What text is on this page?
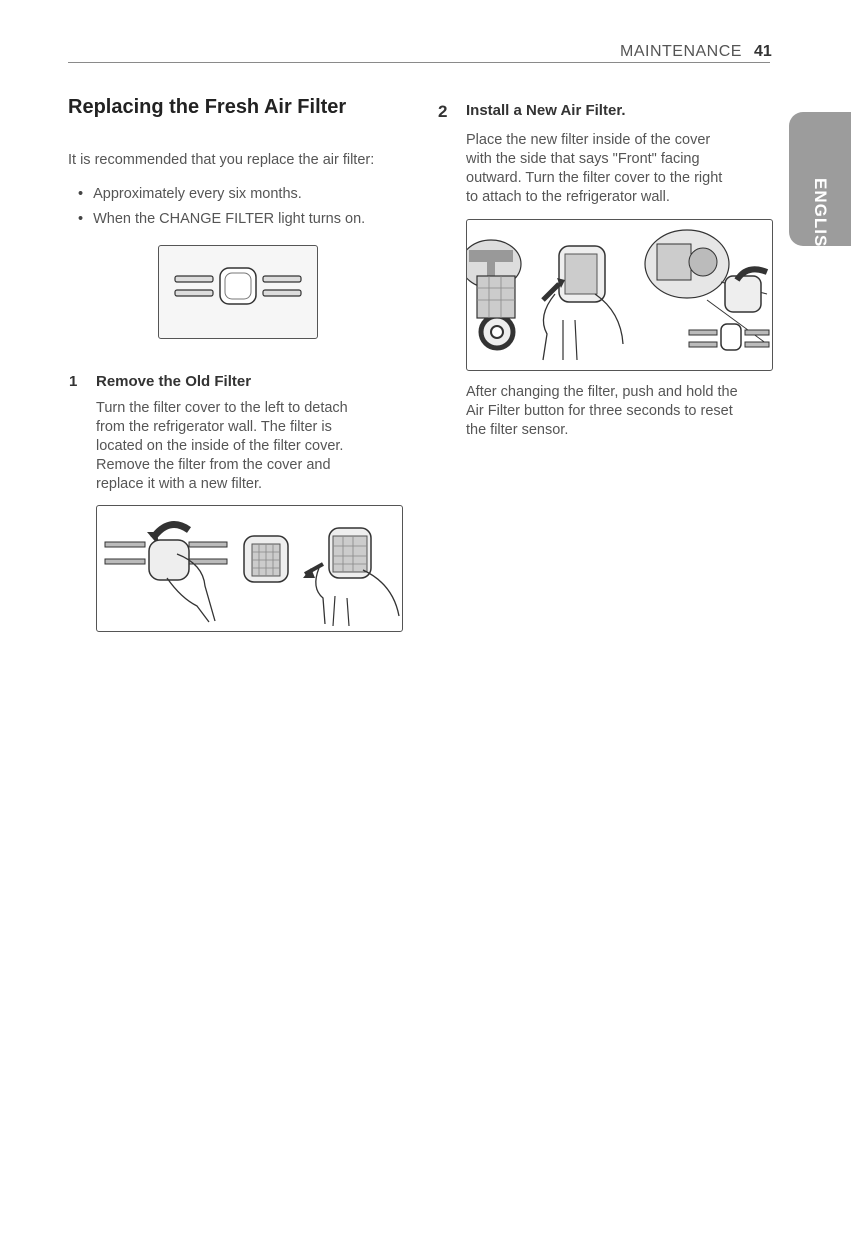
MAINTENANCE 41
ENGLISH
Replacing the Fresh Air Filter
It is recommended that you replace the air filter:
• Approximately every six months.
• When the CHANGE FILTER light turns on.
1 Remove the Old Filter

Turn the filter cover to the left to detach
from the refrigerator wall. The filter is
located on the inside of the filter cover.
Remove the filter from the cover and
replace it with a new filter.

2 Install a New Air Filter.

Place the new filter inside of the cover
with the side that says "Front" facing
outward. Turn the filter cover to the right
to attach to the refrigerator wall.

After changing the filter, push and hold the
Air Filter button for three seconds to reset
the filter sensor.
